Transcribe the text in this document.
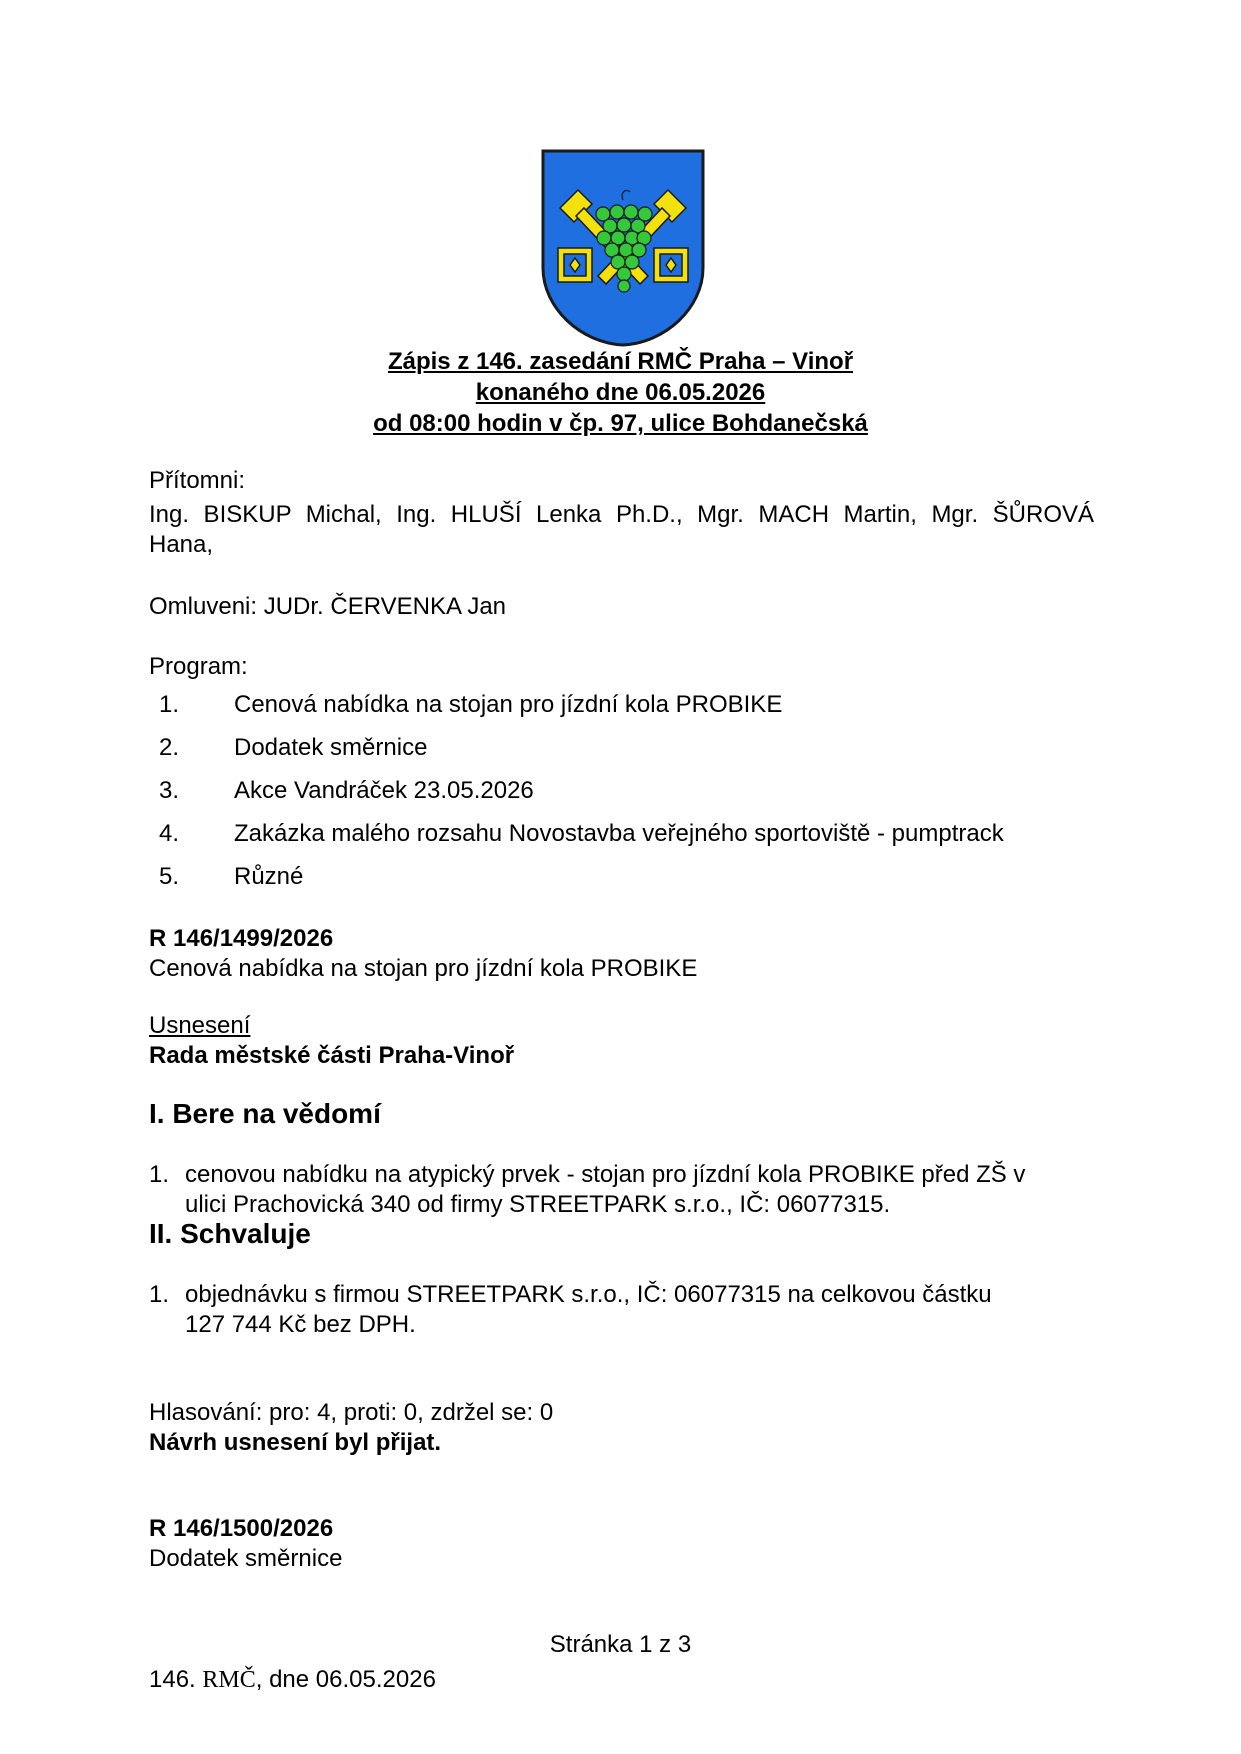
Zápis z 146. zasedání RMČ Praha – Vinoř
konaného dne 06.05.2026
od 08:00 hodin v čp. 97, ulice Bohdanečská
Přítomni:
Ing. BISKUP Michal, Ing. HLUŠÍ Lenka Ph.D., Mgr. MACH Martin, Mgr. ŠŮROVÁ
Hana,
Omluveni: JUDr. ČERVENKA Jan
Program:
1.	Cenová nabídka na stojan pro jízdní kola PROBIKE
2.	Dodatek směrnice
3.	Akce Vandráček 23.05.2026
4.	Zakázka malého rozsahu Novostavba veřejného sportoviště - pumptrack
5.	Různé
R 146/1499/2026
Cenová nabídka na stojan pro jízdní kola PROBIKE
Usnesení
Rada městské části Praha-Vinoř
I. Bere na vědomí
1. cenovou nabídku na atypický prvek - stojan pro jízdní kola PROBIKE před ZŠ v
ulici Prachovická 340 od firmy STREETPARK s.r.o., IČ: 06077315.
II. Schvaluje
1. objednávku s firmou STREETPARK s.r.o., IČ: 06077315 na celkovou částku
127 744 Kč bez DPH.
Hlasování: pro: 4, proti: 0, zdržel se: 0
Návrh usnesení byl přijat.
R 146/1500/2026
Dodatek směrnice
Stránka 1 z 3
146. RMČ, dne 06.05.2026
